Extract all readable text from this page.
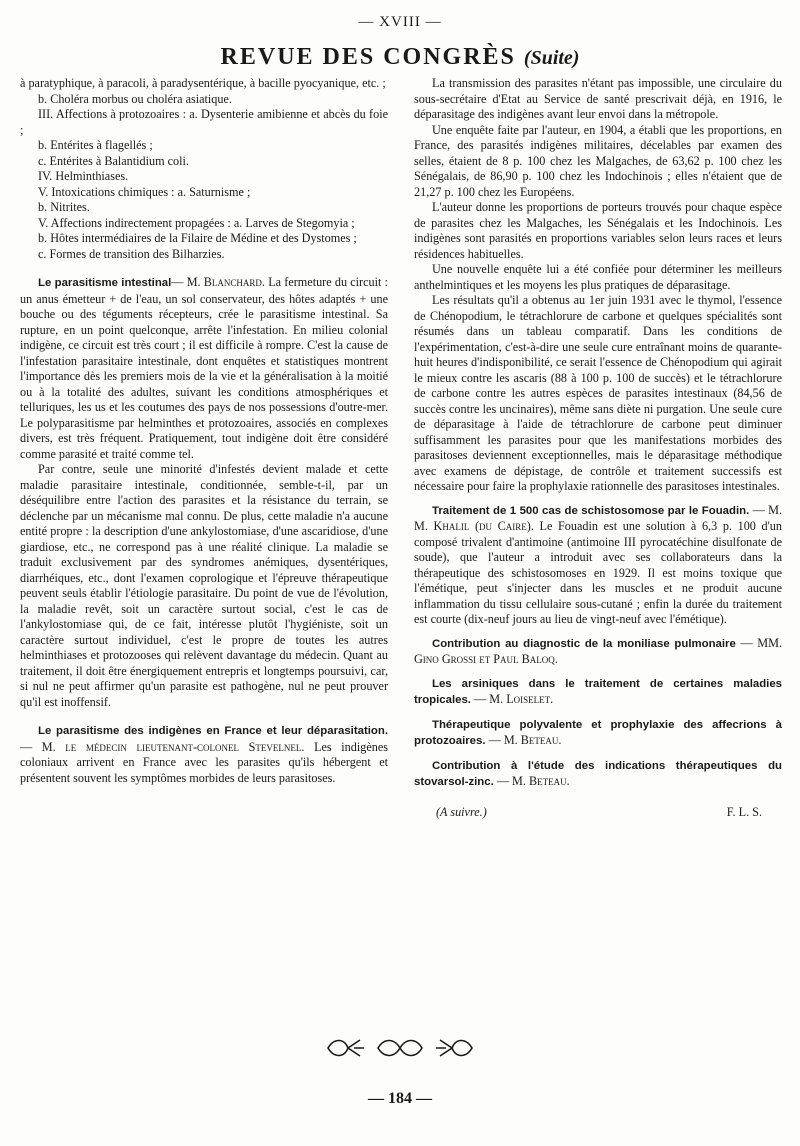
— XVIII —
REVUE DES CONGRÈS (Suite)

à paratyphique, à paracoli, à paradysentérique, à bacille pyocyanique, etc. ;

b. Choléra morbus ou choléra asiatique.

III. Affections à protozoaires : a. Dysenterie amibienne et abcès du foie ;

b. Entérites à flagellés ;

c. Entérites à Balantidium coli.

IV. Helminthiases.

V. Intoxications chimiques : a. Saturnisme ;

b. Nitrites.

V. Affections indirectement propagées : a. Larves de Stegomyia ;

b. Hôtes intermédiaires de la Filaire de Médine et des Dystomes ;

c. Formes de transition des Bilharzies.

Le parasitisme intestinal— M. Blanchard. La fermeture du circuit : un anus émetteur + de l'eau, un sol conservateur, des hôtes adaptés + une bouche ou des téguments récepteurs, crée le parasitisme intestinal. Sa rupture, en un point quelconque, arrête l'infestation. En milieu colonial indigène, ce circuit est très court ; il est difficile à rompre. C'est la cause de l'infestation parasitaire intestinale, dont enquêtes et statistiques montrent l'importance dès les premiers mois de la vie et la généralisation à la moitié ou à la totalité des adultes, suivant les conditions atmosphériques et telluriques, les us et les coutumes des pays de nos possessions d'outre-mer. Le polyparasitisme par helminthes et protozoaires, associés en complexes divers, est très fréquent. Pratiquement, tout indigène doit être considéré comme parasité et traité comme tel.

Par contre, seule une minorité d'infestés devient malade et cette maladie parasitaire intestinale, conditionnée, semble-t-il, par un déséquilibre entre l'action des parasites et la résistance du terrain, se déclenche par un mécanisme mal connu. De plus, cette maladie n'a aucune entité propre : la description d'une ankylostomiase, d'une ascaridiose, d'une giardiose, etc., ne correspond pas à une réalité clinique. La maladie se traduit exclusivement par des syndromes anémiques, dysentériques, diarrhéiques, etc., dont l'examen coprologique et l'épreuve thérapeutique peuvent seuls établir l'étiologie parasitaire. Du point de vue de l'évolution, la maladie revêt, soit un caractère surtout social, c'est le cas de l'ankylostomiase qui, de ce fait, intéresse plutôt l'hygiéniste, soit un caractère surtout individuel, c'est le propre de toutes les autres helminthiases et protozooses qui relèvent davantage du médecin. Quant au traitement, il doit être énergiquement entrepris et longtemps poursuivi, car, si nul ne peut affirmer qu'un parasite est pathogène, nul ne peut prouver qu'il est inoffensif.

Le parasitisme des indigènes en France et leur déparasitation. — M. le médecin lieutenant-colonel Stevelnel. Les indigènes coloniaux arrivent en France avec les parasites qu'ils hébergent et présentent souvent les symptômes morbides de leurs parasitoses.

La transmission des parasites n'étant pas impossible, une circulaire du sous-secrétaire d'Etat au Service de santé prescrivait déjà, en 1916, le déparasitage des indigènes avant leur envoi dans la métropole.

Une enquête faite par l'auteur, en 1904, a établi que les proportions, en France, des parasités indigènes militaires, décelables par examen des selles, étaient de 8 p. 100 chez les Malgaches, de 63,62 p. 100 chez les Sénégalais, de 86,90 p. 100 chez les Indochinois ; elles n'étaient que de 21,27 p. 100 chez les Européens.

L'auteur donne les proportions de porteurs trouvés pour chaque espèce de parasites chez les Malgaches, les Sénégalais et les Indochinois. Les indigènes sont parasités en proportions variables selon leurs races et leurs résidences habituelles.

Une nouvelle enquête lui a été confiée pour déterminer les meilleurs anthelmintiques et les moyens les plus pratiques de déparasitage.

Les résultats qu'il a obtenus au 1er juin 1931 avec le thymol, l'essence de Chénopodium, le tétrachlorure de carbone et quelques spécialités sont résumés dans un tableau comparatif. Dans les conditions de l'expérimentation, c'est-à-dire une seule cure entraînant moins de quarante-huit heures d'indisponibilité, ce serait l'essence de Chénopodium qui agirait le mieux contre les ascaris (88 à 100 p. 100 de succès) et le tétrachlorure de carbone contre les autres espèces de parasites intestinaux (84,56 de succès contre les uncinaires), même sans diète ni purgation. Une seule cure de déparasitage à l'aide de tétrachlorure de carbone peut diminuer suffisamment les parasites pour que les manifestations morbides des parasitoses deviennent exceptionnelles, mais le déparasitage méthodique avec examens de dépistage, de contrôle et traitement successifs est nécessaire pour faire la prophylaxie rationnelle des parasitoses intestinales.

Traitement de 1 500 cas de schistosomose par le Fouadin. — M. M. Khalil (du Caire). Le Fouadin est une solution à 6,3 p. 100 d'un composé trivalent d'antimoine (antimoine III pyrocatéchine disulfonate de soude), que l'auteur a introduit avec ses collaborateurs dans la thérapeutique des schistosomoses en 1929. Il est moins toxique que l'émétique, peut s'injecter dans les muscles et ne produit aucune inflammation du tissu cellulaire sous-cutané ; enfin la durée du traitement est courte (dix-neuf jours au lieu de vingt-neuf avec l'émétique).

Contribution au diagnostic de la moniliase pulmonaire — MM. Gino Grossi et Paul Baloq.

Les arsiniques dans le traitement de certaines maladies tropicales. — M. Loiselet.

Thérapeutique polyvalente et prophylaxie des affecrions à protozoaires. — M. Beteau.

Contribution à l'étude des indications thérapeutiques du stovarsol-zinc. — M. Beteau.

(A suivre.)	F. L. S.
— 184 —
